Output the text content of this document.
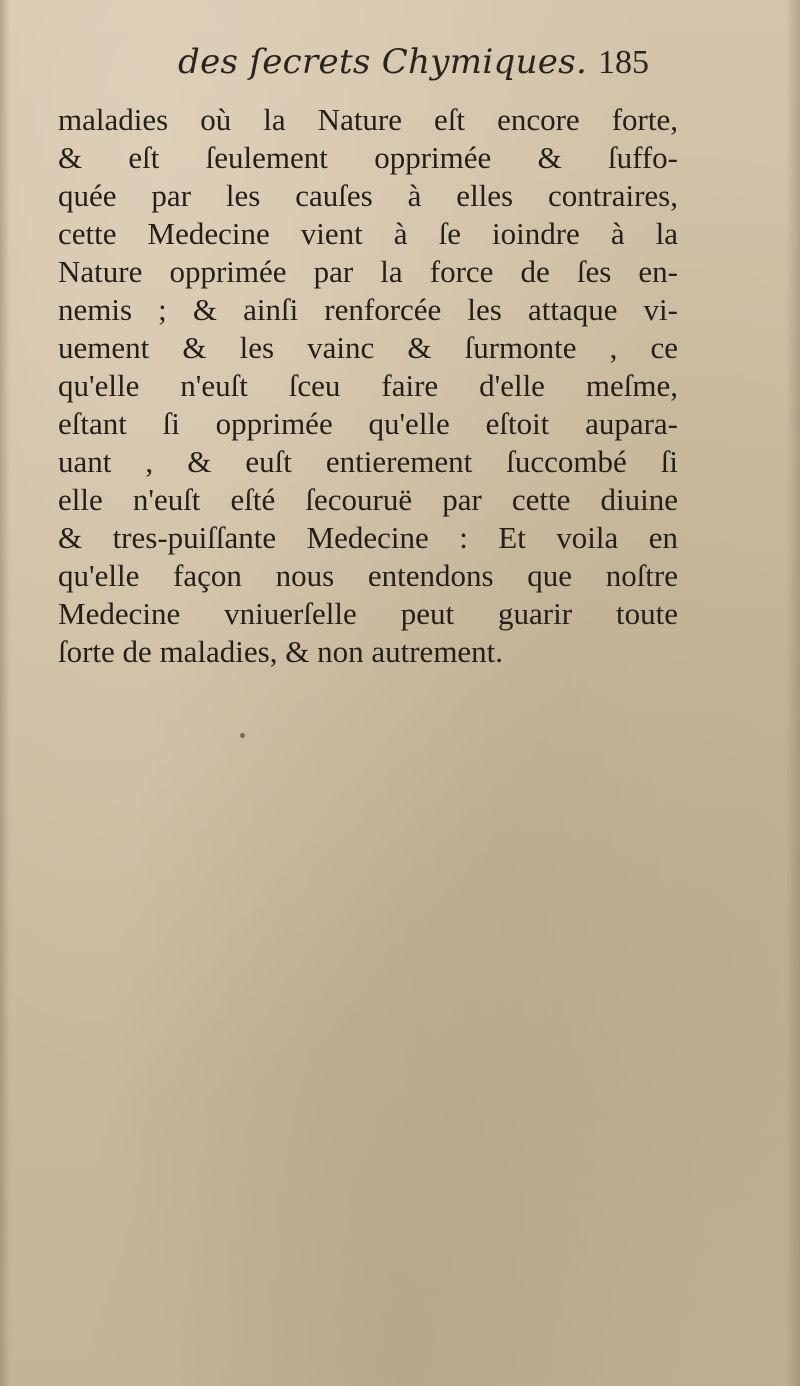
des ſecrets Chymiques. 185
maladies où la Nature eſt encore forte,
& eſt ſeulement opprimée & ſuffo-
quée par les cauſes à elles contraires,
cette Medecine vient à ſe ioindre à la
Nature opprimée par la force de ſes en-
nemis ; & ainſi renforcée les attaque vi-
uement & les vainc & ſurmonte , ce
qu'elle n'euſt ſceu faire d'elle meſme,
eſtant ſi opprimée qu'elle eſtoit aupara-
uant , & euſt entierement ſuccombé ſi
elle n'euſt eſté ſecouruë par cette diuine
& tres-puiſſante Medecine : Et voila en
qu'elle façon nous entendons que noſtre
Medecine vniuerſelle peut guarir toute
ſorte de maladies, & non autrement.
